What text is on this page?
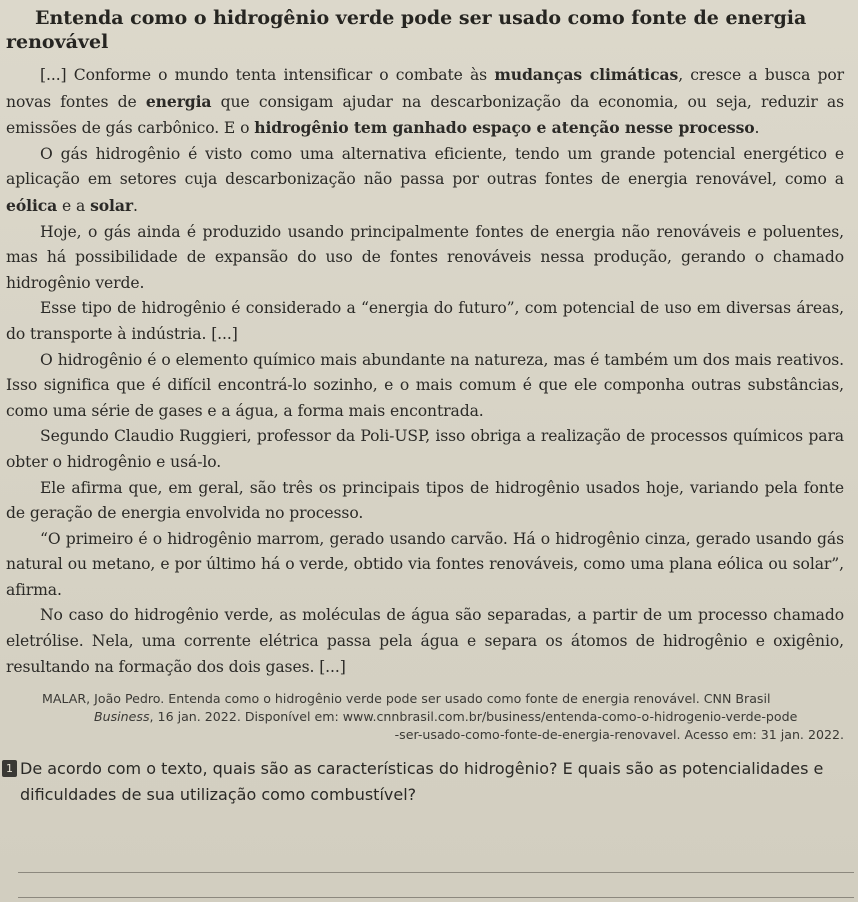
Entenda como o hidrogênio verde pode ser usado como fonte de energia
renovável

[...] Conforme o mundo tenta intensificar o combate às mudanças climáticas, cresce a busca por novas fontes de energia que consigam ajudar na descarbonização da economia, ou seja, reduzir as emissões de gás carbônico. E o hidrogênio tem ganhado espaço e atenção nesse processo.

O gás hidrogênio é visto como uma alternativa eficiente, tendo um grande potencial energético e aplicação em setores cuja descarbonização não passa por outras fontes de energia renovável, como a eólica e a solar.

Hoje, o gás ainda é produzido usando principalmente fontes de energia não renováveis e poluentes, mas há possibilidade de expansão do uso de fontes renováveis nessa produção, gerando o chamado hidrogênio verde.

Esse tipo de hidrogênio é considerado a “energia do futuro”, com potencial de uso em diversas áreas, do transporte à indústria. [...]

O hidrogênio é o elemento químico mais abundante na natureza, mas é também um dos mais reativos. Isso significa que é difícil encontrá-lo sozinho, e o mais comum é que ele componha outras substâncias, como uma série de gases e a água, a forma mais encontrada.

Segundo Claudio Ruggieri, professor da Poli-USP, isso obriga a realização de processos químicos para obter o hidrogênio e usá-lo.

Ele afirma que, em geral, são três os principais tipos de hidrogênio usados hoje, variando pela fonte de geração de energia envolvida no processo.

“O primeiro é o hidrogênio marrom, gerado usando carvão. Há o hidrogênio cinza, gerado usando gás natural ou metano, e por último há o verde, obtido via fontes renováveis, como uma plana eólica ou solar”, afirma.

No caso do hidrogênio verde, as moléculas de água são separadas, a partir de um processo chamado eletrólise. Nela, uma corrente elétrica passa pela água e separa os átomos de hidrogênio e oxigênio, resultando na formação dos dois gases. [...]

MALAR, João Pedro. Entenda como o hidrogênio verde pode ser usado como fonte de energia renovável. CNN Brasil
Business, 16 jan. 2022. Disponível em: www.cnnbrasil.com.br/business/entenda-como-o-hidrogenio-verde-pode
-ser-usado-como-fonte-de-energia-renovavel. Acesso em: 31 jan. 2022.
1 De acordo com o texto, quais são as características do hidrogênio? E quais são as potencialidades e dificuldades de sua utilização como combustível?
